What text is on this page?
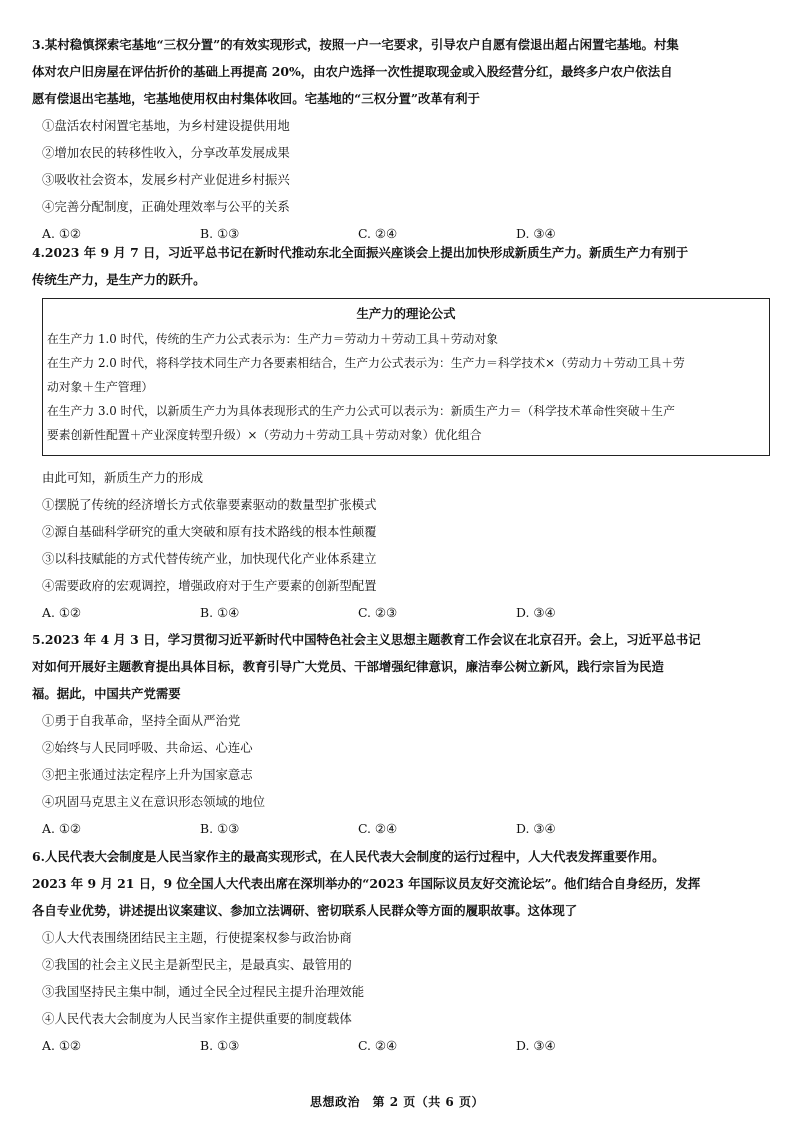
3.某村稳慎探索宅基地“三权分置”的有效实现形式，按照一户一宅要求，引导农户自愿有偿退出超占闲置宅基地。村集
体对农户旧房屋在评估折价的基础上再提高 20%，由农户选择一次性提取现金或入股经营分红，最终多户农户依法自
愿有偿退出宅基地，宅基地使用权由村集体收回。宅基地的“三权分置”改革有利于
①盘活农村闲置宅基地，为乡村建设提供用地
②增加农民的转移性收入，分享改革发展成果
③吸收社会资本，发展乡村产业促进乡村振兴
④完善分配制度，正确处理效率与公平的关系
A. ①②	B. ①③	C. ②④	D. ③④
4.2023 年 9 月 7 日，习近平总书记在新时代推动东北全面振兴座谈会上提出加快形成新质生产力。新质生产力有别于
传统生产力，是生产力的跃升。
生产力的理论公式
在生产力 1.0 时代，传统的生产力公式表示为：生产力＝劳动力＋劳动工具＋劳动对象
在生产力 2.0 时代，将科学技术同生产力各要素相结合，生产力公式表示为：生产力＝科学技术×（劳动力＋劳动工具＋劳
动对象＋生产管理）
在生产力 3.0 时代，以新质生产力为具体表现形式的生产力公式可以表示为：新质生产力＝（科学技术革命性突破＋生产
要素创新性配置＋产业深度转型升级）×（劳动力＋劳动工具＋劳动对象）优化组合
由此可知，新质生产力的形成
①摆脱了传统的经济增长方式依靠要素驱动的数量型扩张模式
②源自基础科学研究的重大突破和原有技术路线的根本性颠覆
③以科技赋能的方式代替传统产业，加快现代化产业体系建立
④需要政府的宏观调控，增强政府对于生产要素的创新型配置
A. ①②	B. ①④	C. ②③	D. ③④
5.2023 年 4 月 3 日，学习贯彻习近平新时代中国特色社会主义思想主题教育工作会议在北京召开。会上，习近平总书记
对如何开展好主题教育提出具体目标，教育引导广大党员、干部增强纪律意识，廉洁奉公树立新风，践行宗旨为民造
福。据此，中国共产党需要
①勇于自我革命，坚持全面从严治党
②始终与人民同呼吸、共命运、心连心
③把主张通过法定程序上升为国家意志
④巩固马克思主义在意识形态领域的地位
A. ①②	B. ①③	C. ②④	D. ③④
6.人民代表大会制度是人民当家作主的最高实现形式，在人民代表大会制度的运行过程中，人大代表发挥重要作用。
2023 年 9 月 21 日，9 位全国人大代表出席在深圳举办的“2023 年国际议员友好交流论坛”。他们结合自身经历，发挥
各自专业优势，讲述提出议案建议、参加立法调研、密切联系人民群众等方面的履职故事。这体现了
①人大代表围绕团结民主主题，行使提案权参与政治协商
②我国的社会主义民主是新型民主，是最真实、最管用的
③我国坚持民主集中制，通过全民全过程民主提升治理效能
④人民代表大会制度为人民当家作主提供重要的制度载体
A. ①②	B. ①③	C. ②④	D. ③④
思想政治　第 2 页（共 6 页）
